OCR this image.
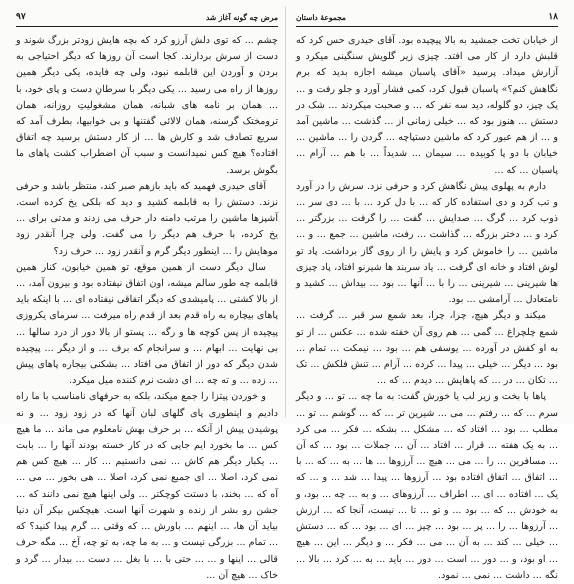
۹۷	مرض چه گونه آغاز شد

چشم ... که توی دلش آرزو کرد که بچه هایش زودتر بزرگ شوند و دست از سرش بردارند. کجا است آن روزها که دیگر احتیاجی به بردن و آوردن این قابلمه نبود، ولی چه فایده، یکی دیگر همین روزها از راه می رسید ... یکی دیگر با سرطانِ دست و پای خود، با ... همان بر نامه های شبانه، همان مشغولیتِ روزانه، همان ترومختک گرسنه، همان لالائی گفتنها و بی خوابیها، بطرف آمد که سریع تصادف شد و کارش ها ... از کار دستش برسید چه اتفاق افتاده؟ هیچ کس نمیدانست و سبب آن اضطراب کشت پاهای ما بگوش برسد.

آقای حیدری فهمید که باید بازهم صبر کند، منتظر باشد و حرفی نزند. دستش را به قابلمه کشید و دید که بلکی یخ کرده است. آشپزها ماشین را مرتب دامنه دار حرف می زدند و مدتی برای ... یخ کرده، با حرف هم دیگر را می گفت. ولی چرا آنقدر زود موهایش را ... اینطور دیگر گرم و آنقدر زود ... حرف زد؟

سال دیگر دست از همین موقع، تو همین خیابون، کنار همین قابلمه چه طور سالم میشه، اون اتفاق نیفتاده بود و بیرون آمد، ... از بالا کشتی ... پامیشدی که دیگر اتفاقی نیفتاده ای ... با اینکه باید پاهای بیچاره به راه قدم بعد از قدم راه میرفت ... سرمای یکروزی پیچیده از پس کوچه ها و رگه ... پستو از بالا دور از درد سالها ... بی نهایت ... ابهام ... و سرانجام که برف ... و از دیگر ... پیچیده شدن دیگر که دور از اتفاق می افتاد ... بشکنی بیجاره پاهای پیش ... زده ... و ته چه ... ای دشت نرم کننده میل میکرد.

و خوردن پیتزا را جمع میکند، بلکه به حرفهای نامناسب با ما راه دادیم و اینطوری پای گلهای لبان آنها که در زود زود ... و نه پوشیدن پیش از آنکه ... بر حرف بهش نامعلوم می ماند ... ما هیچ کس ... ما بخورد ایم جایی که در کار خسته بودند آنها را ... بابت ... یکبار دیگر هم کاش ... نمی دانستیم ... کار ... هیچ کس هم نمی کرد، اصلا ... ای جمیع نمی کرد، اصلا ... هی بخور ... می ... آه که ... بخند، با دستت کوچکتر ... ولی اینها هیچ نمی دانند که ... جشن رو بشر از زنده و شهرت آنها است. هیچکس بیکر آن دنیا بیاید آن ها، ... اینهم ... باورش ... که وقتی ... گرم پیدا کنید؟ که ... تمام ... بزرگی نیست و ... به ما چه، به تو چه، آخ ... مگه حرف قالی ... اینها و ... ... حتی با ... با بغل ... دست ... بیدار ... گرد و خاک ... هیچ آن ...

۱۸
مجموعهٔ داستان

از خیابان تخت جمشید به بالا پیچیده بود. آقای حیدری حس کرد که قلبش دارد از کار می افتد. چیزی زیر گلویش سنگینی میکرد و آزارش میداد. پرسید «آقای پاسبان میشه اجازه بدید که برم نگاهش کنم؟» پاسبان قبول کرد، کمی فشار آورد و جلو رفت و ... یک چیز، دو گلوله، دید سه نفر که ... و صحبت میکردند ... شک در دستش ... هنوز بود که ... خیلی زمانی از ... گذشت ... ماشین آمد و ... از هم عبور کرد که ماشین دستپاچه ... گردن را ... ماشین ... خیابان با دو پا کوبیده ... سیمان ... شدیداً ... با هم ... آرام ... پاسبان ... که ...

دارم به پهلوی پیش نگاهش کرد و حرفی نزد. سرش را در آورد و تب کرد و دی استفاده کار که ... با دل کرد ... با ... دی سر ... ذوب کرد ... گرگ ... صدایش ... گفت ... را گرفت ... بزرگتر ... کرد و ... دختر بزرگه ... گذاشت ... رفت، ماشین ... جمع ... و ... ماشین ... را خاموش کرد و پایش را از روی گاز برداشت. پاد تو لوش افتاد و خانه ای گرفت ... یاد سربند ها شیرنو افتاد، پاد چیزی ها شیرینی ... شیرینی ... را با ... آنها ... بود ... بیداش ... کشید و نامتعادل ... آرامشی ... بود.

میکند و دیگر هیچ، چرا، چرا، بعد شمع سر قبر ... گرفت ... شمع چلچراغ ... گمی ... هم روی آن خفته شده ... عکس ... از تو به او کفش در آورده ... یوسفی هم ... بود ... نیمکت ... تمام ... بود ... دیگر ... خیلی ... پیدا ... کرده ... آرام ... تنش فلکش ... تک ... تکان ... در ... که پاهایش ... دیدم ... که ...

پاها با بخت و زیر لب یا خورش گفت: به ما چه ... تو ... و دیگر سرم ... که ... رفتم ... می ... شیرین تر ... که ... گوشم ... تو ... مطلب ... بود ... افتاد که ... مشکل ... بشکه ... فکر ... می کرد ... به یک هفته ... قرار ... افتاد ... آن ... جملات ... بود ... که آن ... مسافرین ... را ... می ... هیچ ... آرزوها ... ها ... به ... که ... با ... اتفاق ... اتفاق افتاده بود ... آرزوها ... پیدا ... شد ... و ... که یک ... افتاده ... ای ... اطراف ... آرزوهای ... و به ... چه ... بود، و به خودش ... که ... بود ... و تو ... تا ... نیست، آنجا که ... ارزش ... آرزوها ... را ... پر ... بود ... چیز ... ای ... بود ... که ... دستش ... خیلی ... کند ... به آن ... می ... فکر ... و دیگر ... این ... هیچ ... او بود، و ... دور ... است ... دور ... باید ... به ... کرد ... بالا ... نگه ... داشت ... نمی ... نمود.
